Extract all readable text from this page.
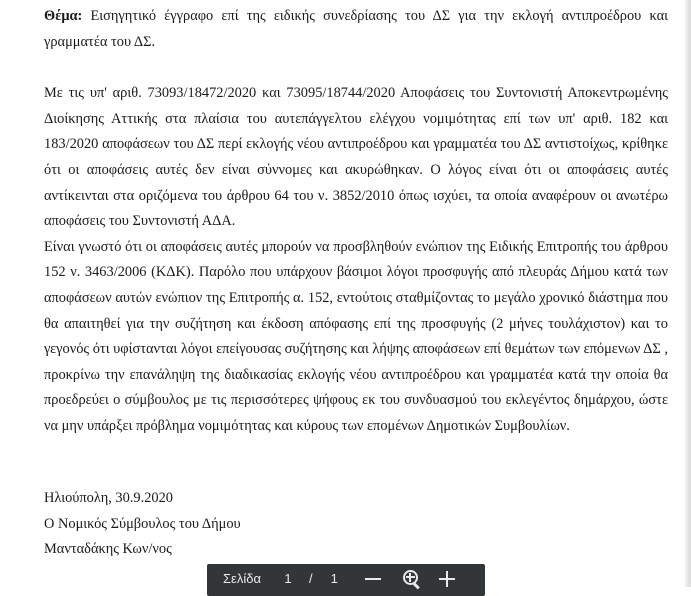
Θέμα: Εισηγητικό έγγραφο επί της ειδικής συνεδρίασης του ΔΣ για την εκλογή αντιπροέδρου και γραμματέα του ΔΣ.

Με τις υπ' αριθ. 73093/18472/2020 και 73095/18744/2020 Αποφάσεις του Συντονιστή Αποκεντρωμένης Διοίκησης Αττικής στα πλαίσια του αυτεπάγγελτου ελέγχου νομιμότητας επί των υπ' αριθ. 182 και 183/2020 αποφάσεων του ΔΣ περί εκλογής νέου αντιπροέδρου και γραμματέα του ΔΣ αντιστοίχως, κρίθηκε ότι οι αποφάσεις αυτές δεν είναι σύννομες και ακυρώθηκαν. Ο λόγος είναι ότι οι αποφάσεις αυτές αντίκεινται στα οριζόμενα του άρθρου 64 του ν. 3852/2010 όπως ισχύει, τα οποία αναφέρουν οι ανωτέρω αποφάσεις του Συντονιστή ΑΔΑ.

Είναι γνωστό ότι οι αποφάσεις αυτές μπορούν να προσβληθούν ενώπιον της Ειδικής Επιτροπής του άρθρου 152 ν. 3463/2006 (ΚΔΚ). Παρόλο που υπάρχουν βάσιμοι λόγοι προσφυγής από πλευράς Δήμου κατά των αποφάσεων αυτών ενώπιον της Επιτροπής α. 152, εντούτοις σταθμίζοντας το μεγάλο χρονικό διάστημα που θα απαιτηθεί για την συζήτηση και έκδοση απόφασης επί της προσφυγής (2 μήνες τουλάχιστον) και το γεγονός ότι υφίστανται λόγοι επείγουσας συζήτησης και λήψης αποφάσεων επί θεμάτων των επόμενων ΔΣ , προκρίνω την επανάληψη της διαδικασίας εκλογής νέου αντιπροέδρου και γραμματέα κατά την οποία θα προεδρεύει ο σύμβουλος με τις περισσότερες ψήφους εκ του συνδυασμού του εκλεγέντος δημάρχου, ώστε να μην υπάρξει πρόβλημα νομιμότητας και κύρους των επομένων Δημοτικών Συμβουλίων.

Ηλιούπολη, 30.9.2020
Ο Νομικός Σύμβουλος του Δήμου
Μανταδάκης Κων/νος
Σελίδα 1 / 1
